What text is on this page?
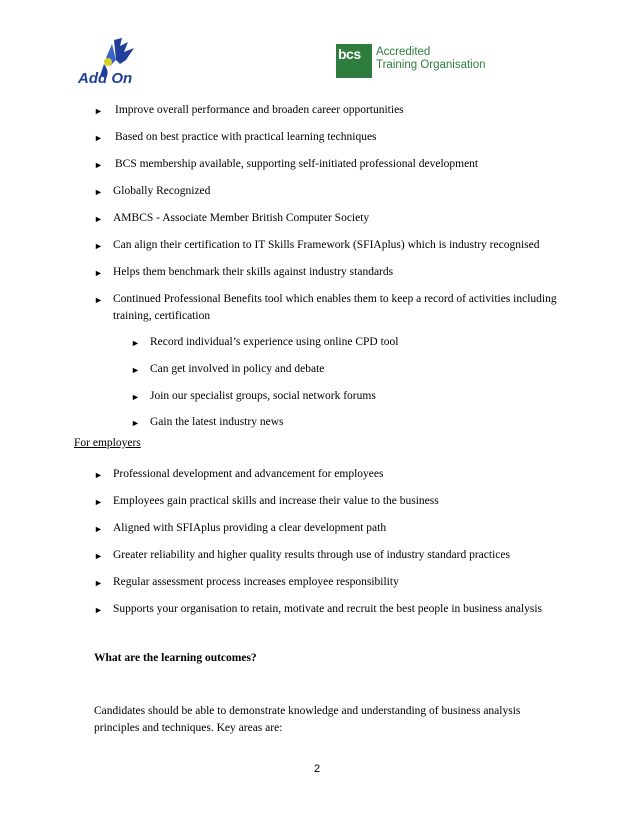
Add On
bcs Accredited
Training Organisation
► Improve overall performance and broaden career opportunities
► Based on best practice with practical learning techniques
► BCS membership available, supporting self-initiated professional development
► Globally Recognized
► AMBCS - Associate Member British Computer Society
► Can align their certification to IT Skills Framework (SFIAplus) which is industry recognised
► Helps them benchmark their skills against industry standards
► Continued Professional Benefits tool which enables them to keep a record of activities including training, certification
► Record individual’s experience using online CPD tool
► Can get involved in policy and debate
► Join our specialist groups, social network forums
► Gain the latest industry news
For employers
► Professional development and advancement for employees
► Employees gain practical skills and increase their value to the business
► Aligned with SFIAplus providing a clear development path
► Greater reliability and higher quality results through use of industry standard practices
► Regular assessment process increases employee responsibility
► Supports your organisation to retain, motivate and recruit the best people in business analysis
What are the learning outcomes?
Candidates should be able to demonstrate knowledge and understanding of business analysis principles and techniques. Key areas are:
2
